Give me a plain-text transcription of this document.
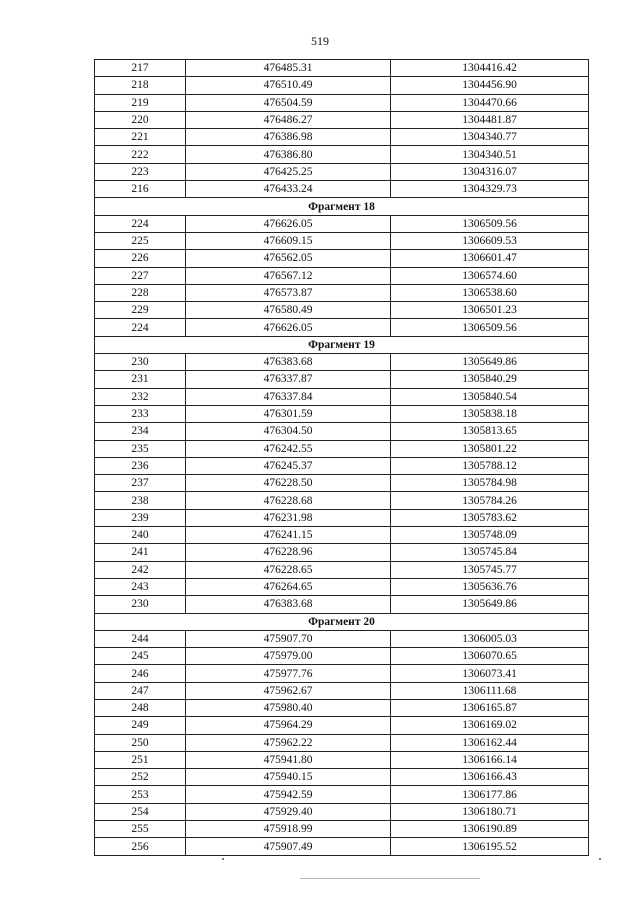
519
217	476485.31	1304416.42
218	476510.49	1304456.90
219	476504.59	1304470.66
220	476486.27	1304481.87
221	476386.98	1304340.77
222	476386.80	1304340.51
223	476425.25	1304316.07
216	476433.24	1304329.73
Фрагмент 18		
224	476626.05	1306509.56
225	476609.15	1306609.53
226	476562.05	1306601.47
227	476567.12	1306574.60
228	476573.87	1306538.60
229	476580.49	1306501.23
224	476626.05	1306509.56
Фрагмент 19		
230	476383.68	1305649.86
231	476337.87	1305840.29
232	476337.84	1305840.54
233	476301.59	1305838.18
234	476304.50	1305813.65
235	476242.55	1305801.22
236	476245.37	1305788.12
237	476228.50	1305784.98
238	476228.68	1305784.26
239	476231.98	1305783.62
240	476241.15	1305748.09
241	476228.96	1305745.84
242	476228.65	1305745.77
243	476264.65	1305636.76
230	476383.68	1305649.86
Фрагмент 20		
244	475907.70	1306005.03
245	475979.00	1306070.65
246	475977.76	1306073.41
247	475962.67	1306111.68
248	475980.40	1306165.87
249	475964.29	1306169.02
250	475962.22	1306162.44
251	475941.80	1306166.14
252	475940.15	1306166.43
253	475942.59	1306177.86
254	475929.40	1306180.71
255	475918.99	1306190.89
256	475907.49	1306195.52
